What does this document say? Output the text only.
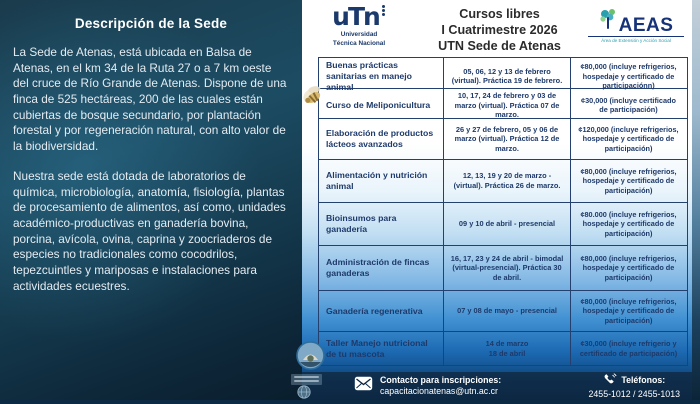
Descripción de la Sede
La Sede de Atenas, está ubicada en Balsa de Atenas, en el km 34 de la Ruta 27 o a 7 km oeste del cruce de Río Grande de Atenas. Dispone de una finca de 525 hectáreas, 200 de las cuales están cubiertas de bosque secundario, por plantación forestal y por regeneración natural, con alto valor de la biodiversidad.
Nuestra sede está dotada de laboratorios de química, microbiología, anatomía, fisiología, plantas de procesamiento de alimentos, así como, unidades académico-productivas en ganadería bovina, porcina, avícola, ovina, caprina y zoocriaderos de especies no tradicionales como cocodrilos, tepezcuintles y mariposas e instalaciones para actividades ecuestres.
uTn
Universidad
Técnica Nacional
Cursos libres
I Cuatrimestre 2026
UTN Sede de Atenas
AEAS
Área de Extensión y Acción Social
Buenas prácticas sanitarias en manejo animal
05, 06, 12 y 13 de febrero (virtual). Práctica 19 de febrero.
¢80,000 (incluye refrigerios, hospedaje y certificado de participaciónn)
Curso de Meliponicultura
10, 17, 24 de febrero y 03 de marzo (virtual). Práctica 07 de marzo.
¢30,000 (incluye certificado de participación)
Elaboración de productos lácteos avanzados
26 y 27 de febrero, 05 y 06 de marzo (virtual). Práctica 12 de marzo.
¢120,000 (incluye refrigerios, hospedaje y certificado de participación)
Alimentación y nutrición animal
12, 13, 19 y 20 de marzo - (virtual). Práctica 26 de marzo.
¢80,000 (incluye refrigerios, hospedaje y certificado de participación)
Bioinsumos para ganadería
09 y 10 de abril - presencial
¢80.000 (incluye refrigerios, hospedaje y certificado de participación)
Administración de fincas ganaderas
16, 17, 23 y 24 de abril - bimodal (virtual-presencial). Práctica 30 de abril.
¢80,000 (incluye refrigerios, hospedaje y certificado de participación)
Ganadería regenerativa	07 y 08 de mayo - presencial
¢80,000 (incluye refrigerios, hospedaje y certificado de participación)
Taller Manejo nutricional de tu mascota
14 de marzo
18 de abril
¢30,000 (incluye refrigerio y certificado de participación)
Contacto para inscripciones:
capacitacionatenas@utn.ac.cr
Teléfonos:
2455-1012 / 2455-1013
